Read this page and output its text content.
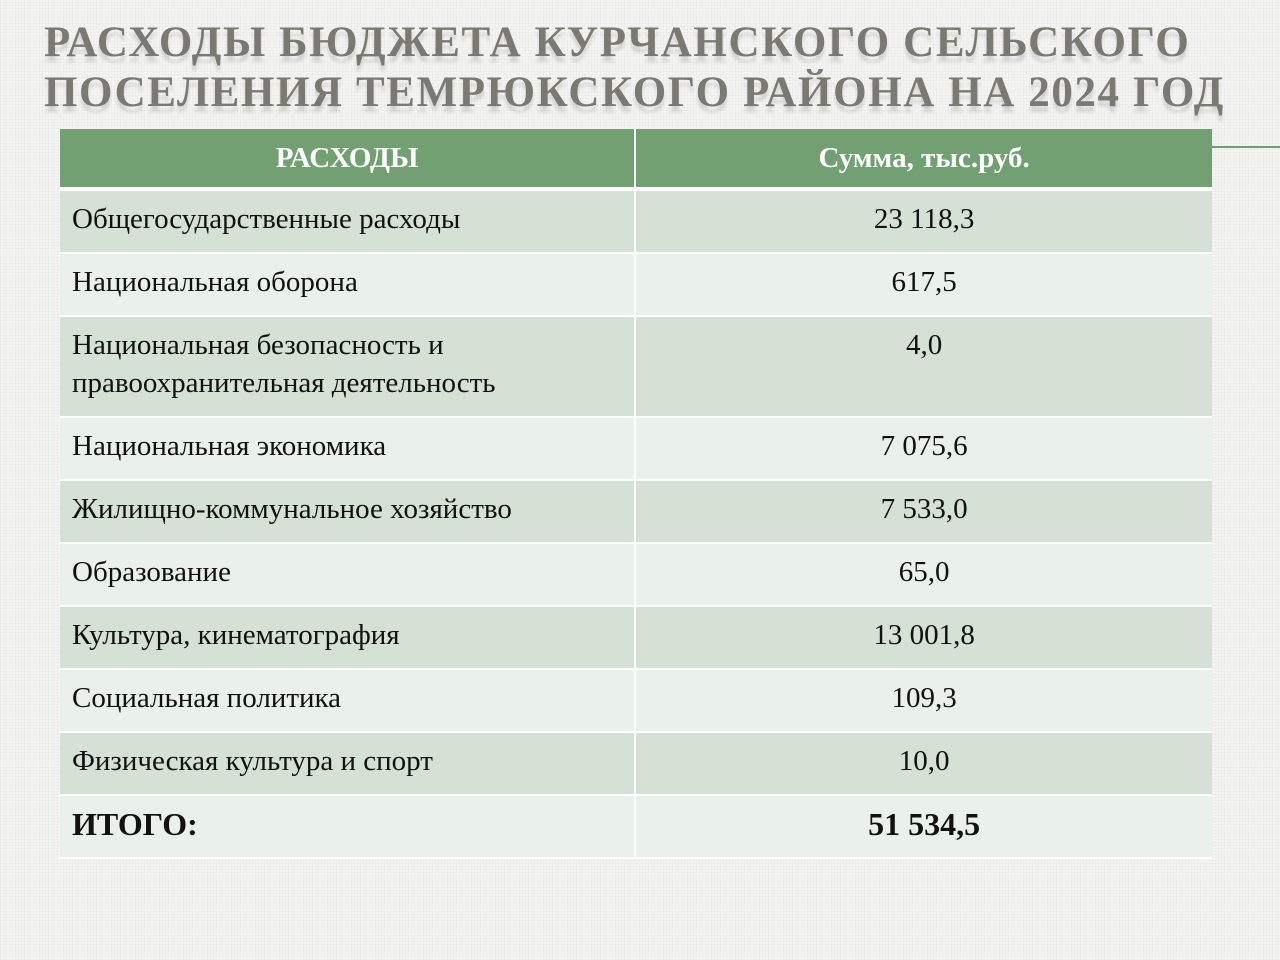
РАСХОДЫ БЮДЖЕТА КУРЧАНСКОГО СЕЛЬСКОГО
ПОСЕЛЕНИЯ ТЕМРЮКСКОГО РАЙОНА НА 2024 ГОД
РАСХОДЫ	Сумма, тыс.руб.
Общегосударственные расходы	23 118,3
Национальная оборона	617,5
Национальная безопасность и правоохранительная деятельность	4,0
Национальная экономика	7 075,6
Жилищно-коммунальное хозяйство	7 533,0
Образование	65,0
Культура, кинематография	13 001,8
Социальная политика	109,3
Физическая культура и спорт	10,0
ИТОГО:	51 534,5
